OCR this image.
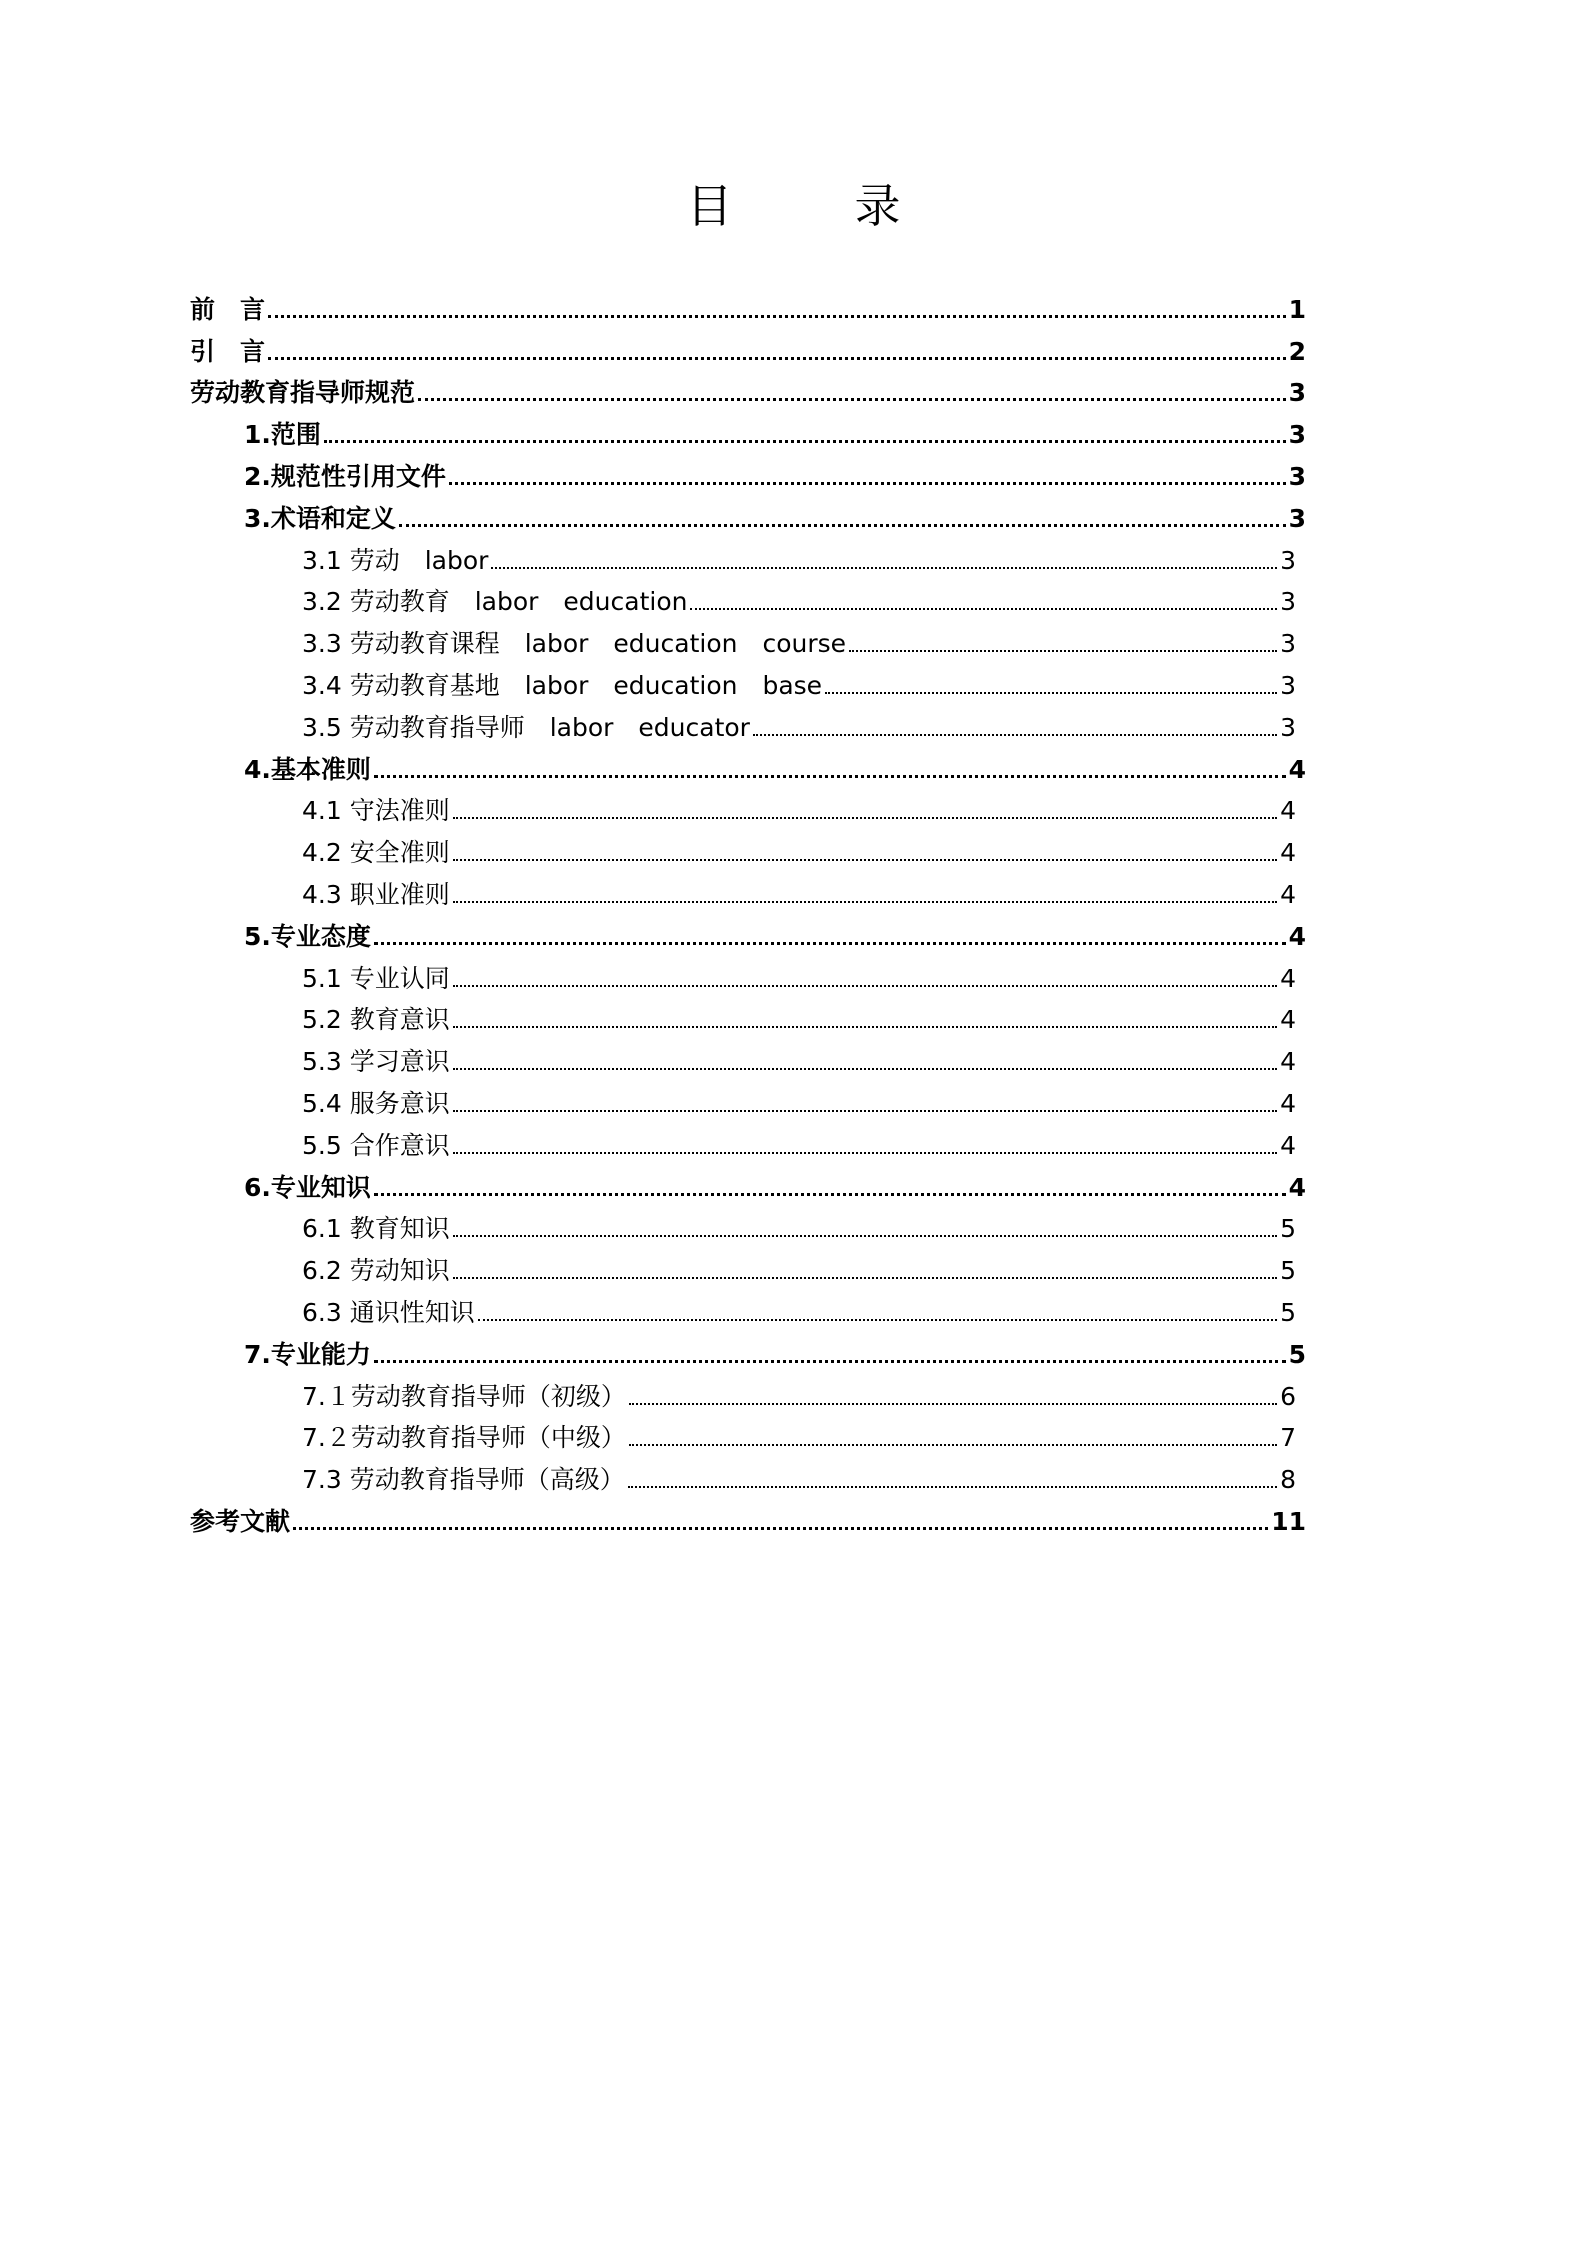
目　录
前　言	1
引　言	2
劳动教育指导师规范	3
1.范围	3
2.规范性引用文件	3
3.术语和定义	3
3.1 劳动　labor	3
3.2 劳动教育　labor　education	3
3.3 劳动教育课程　labor　education　course	3
3.4 劳动教育基地　labor　education　base	3
3.5 劳动教育指导师　labor　educator	3
4.基本准则	4
4.1 守法准则	4
4.2 安全准则	4
4.3 职业准则	4
5.专业态度	4
5.1 专业认同	4
5.2 教育意识	4
5.3 学习意识	4
5.4 服务意识	4
5.5 合作意识	4
6.专业知识	4
6.1 教育知识	5
6.2 劳动知识	5
6.3 通识性知识	5
7.专业能力	5
7.１劳动教育指导师（初级）	6
7.２劳动教育指导师（中级）	7
7.3 劳动教育指导师（高级）	8
参考文献	11
